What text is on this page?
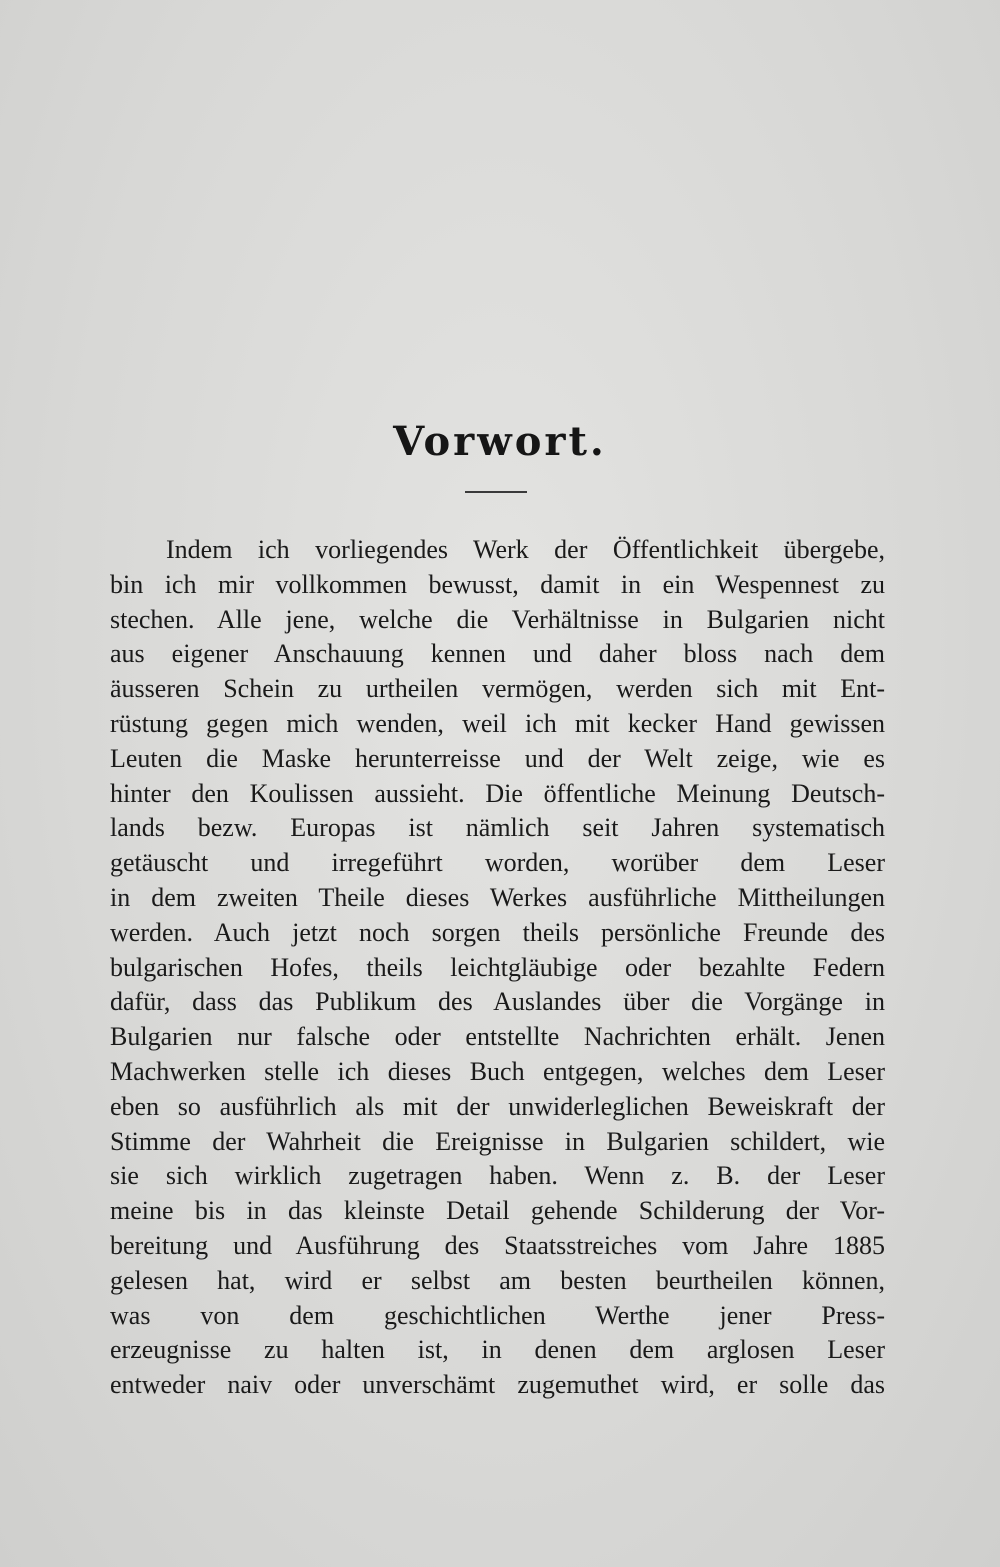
Vorwort.
Indem ich vorliegendes Werk der Öffentlichkeit übergebe,
bin ich mir vollkommen bewusst, damit in ein Wespennest zu
stechen. Alle jene, welche die Verhältnisse in Bulgarien nicht
aus eigener Anschauung kennen und daher bloss nach dem
äusseren Schein zu urtheilen vermögen, werden sich mit Ent-
rüstung gegen mich wenden, weil ich mit kecker Hand gewissen
Leuten die Maske herunterreisse und der Welt zeige, wie es
hinter den Koulissen aussieht. Die öffentliche Meinung Deutsch-
lands bezw. Europas ist nämlich seit Jahren systematisch
getäuscht und irregeführt worden, worüber dem Leser
in dem zweiten Theile dieses Werkes ausführliche Mittheilungen
werden. Auch jetzt noch sorgen theils persönliche Freunde des
bulgarischen Hofes, theils leichtgläubige oder bezahlte Federn
dafür, dass das Publikum des Auslandes über die Vorgänge in
Bulgarien nur falsche oder entstellte Nachrichten erhält. Jenen
Machwerken stelle ich dieses Buch entgegen, welches dem Leser
eben so ausführlich als mit der unwiderleglichen Beweiskraft der
Stimme der Wahrheit die Ereignisse in Bulgarien schildert, wie
sie sich wirklich zugetragen haben. Wenn z. B. der Leser
meine bis in das kleinste Detail gehende Schilderung der Vor-
bereitung und Ausführung des Staatsstreiches vom Jahre 1885
gelesen hat, wird er selbst am besten beurtheilen können,
was von dem geschichtlichen Werthe jener Press-
erzeugnisse zu halten ist, in denen dem arglosen Leser
entweder naiv oder unverschämt zugemuthet wird, er solle das
